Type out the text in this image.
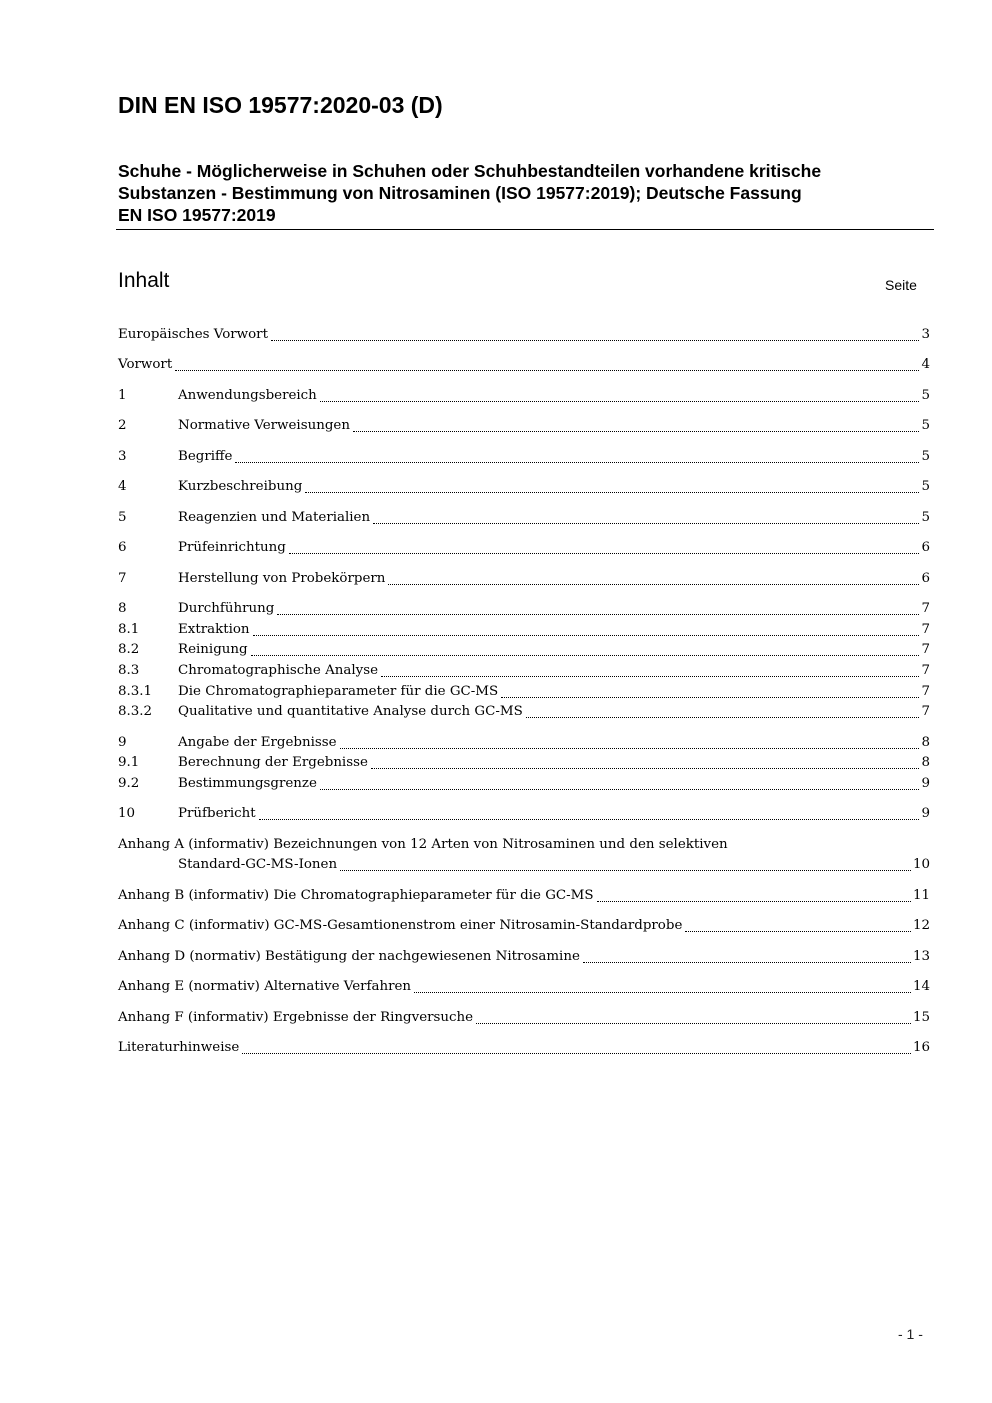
DIN EN ISO 19577:2020-03 (D)
Schuhe - Möglicherweise in Schuhen oder Schuhbestandteilen vorhandene kritische
Substanzen - Bestimmung von Nitrosaminen (ISO 19577:2019); Deutsche Fassung
EN ISO 19577:2019
Inhalt	Seite
Europäisches Vorwort	3
Vorwort	4
1	Anwendungsbereich	5
2	Normative Verweisungen	5
3	Begriffe	5
4	Kurzbeschreibung	5
5	Reagenzien und Materialien	5
6	Prüfeinrichtung	6
7	Herstellung von Probekörpern	6
8	Durchführung	7
8.1	Extraktion	7
8.2	Reinigung	7
8.3	Chromatographische Analyse	7
8.3.1	Die Chromatographieparameter für die GC-MS	7
8.3.2	Qualitative und quantitative Analyse durch GC-MS	7
9	Angabe der Ergebnisse	8
9.1	Berechnung der Ergebnisse	8
9.2	Bestimmungsgrenze	9
10	Prüfbericht	9
Anhang A (informativ) Bezeichnungen von 12 Arten von Nitrosaminen und den selektiven
Standard-GC-MS-Ionen	10
Anhang B (informativ) Die Chromatographieparameter für die GC-MS	11
Anhang C (informativ) GC-MS-Gesamtionenstrom einer Nitrosamin-Standardprobe	12
Anhang D (normativ) Bestätigung der nachgewiesenen Nitrosamine	13
Anhang E (normativ) Alternative Verfahren	14
Anhang F (informativ) Ergebnisse der Ringversuche	15
Literaturhinweise	16
- 1 -
